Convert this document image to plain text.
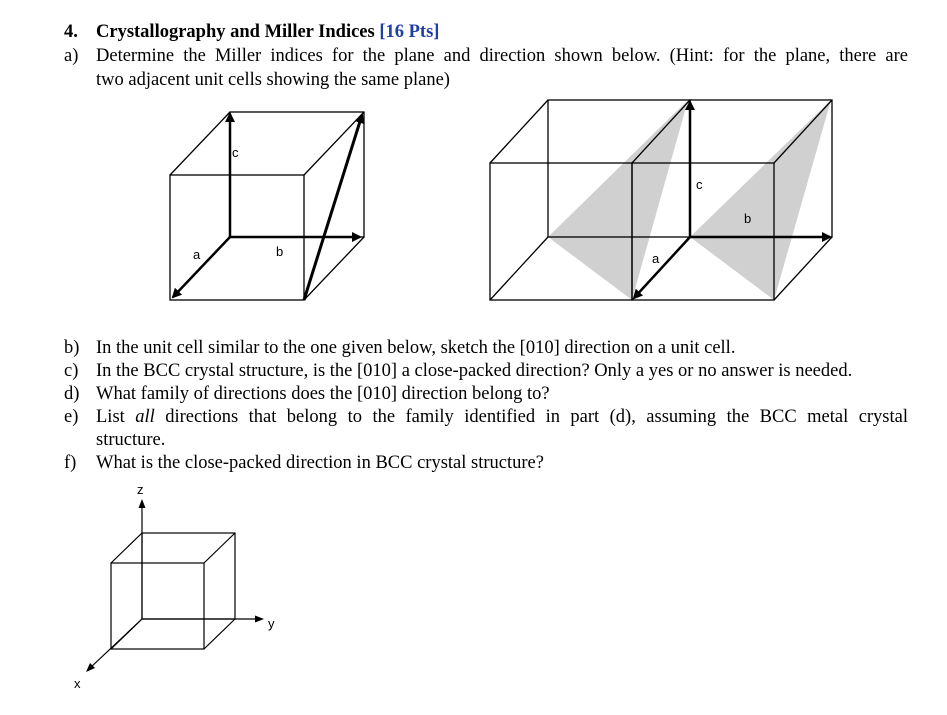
4. Crystallography and Miller Indices [16 Pts]
a) Determine the Miller indices for the plane and direction shown below. (Hint: for the plane, there are
two adjacent unit cells showing the same plane)
c
a	b
c
b
a
z
y
x
b) In the unit cell similar to the one given below, sketch the [010] direction on a unit cell.
c) In the BCC crystal structure, is the [010] a close-packed direction? Only a yes or no answer is needed.
d) What family of directions does the [010] direction belong to?
e) List all directions that belong to the family identified in part (d), assuming the BCC metal crystal
structure.
f) What is the close-packed direction in BCC crystal structure?
